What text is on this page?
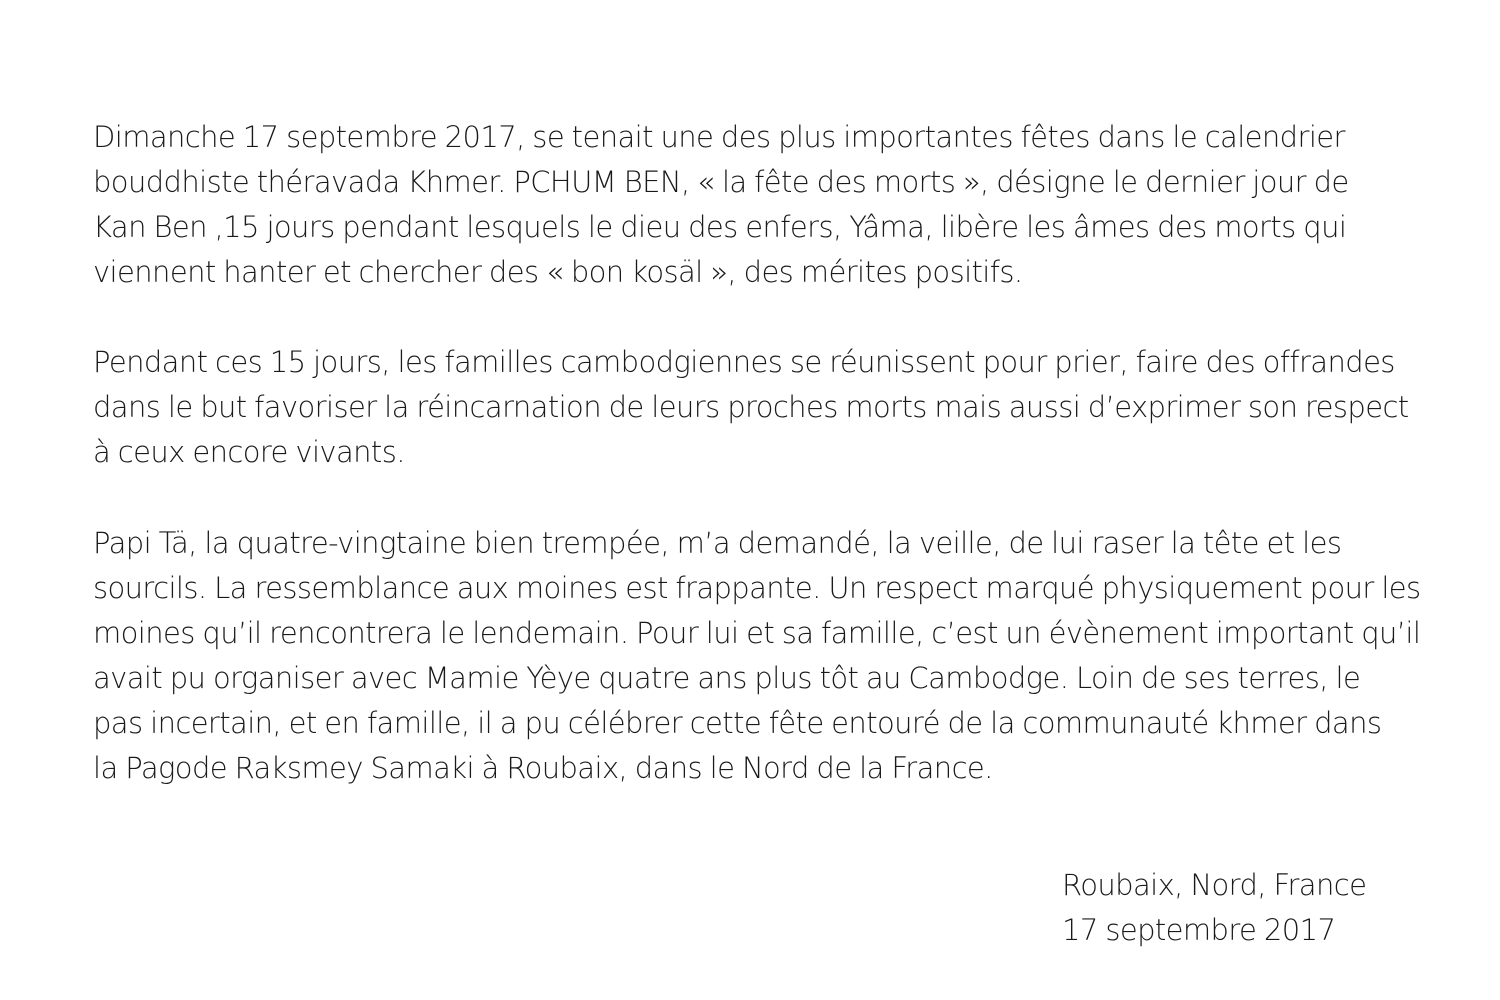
Dimanche 17 septembre 2017, se tenait une des plus importantes fêtes dans le calendrier
bouddhiste théravada Khmer. PCHUM BEN, « la fête des morts », désigne le dernier jour de
Kan Ben ,15 jours pendant lesquels le dieu des enfers, Yâma, libère les âmes des morts qui
viennent hanter et chercher des « bon kosäl », des mérites positifs.
Pendant ces 15 jours, les familles cambodgiennes se réunissent pour prier, faire des offrandes
dans le but favoriser la réincarnation de leurs proches morts mais aussi d’exprimer son respect
à ceux encore vivants.
Papi Tä, la quatre-vingtaine bien trempée, m’a demandé, la veille, de lui raser la tête et les
sourcils. La ressemblance aux moines est frappante. Un respect marqué physiquement pour les
moines qu’il rencontrera le lendemain. Pour lui et sa famille, c’est un évènement important qu’il
avait pu organiser avec Mamie Yèye quatre ans plus tôt au Cambodge. Loin de ses terres, le
pas incertain, et en famille, il a pu célébrer cette fête entouré de la communauté khmer dans
la Pagode Raksmey Samaki à Roubaix, dans le Nord de la France.
Roubaix, Nord, France
17 septembre 2017
